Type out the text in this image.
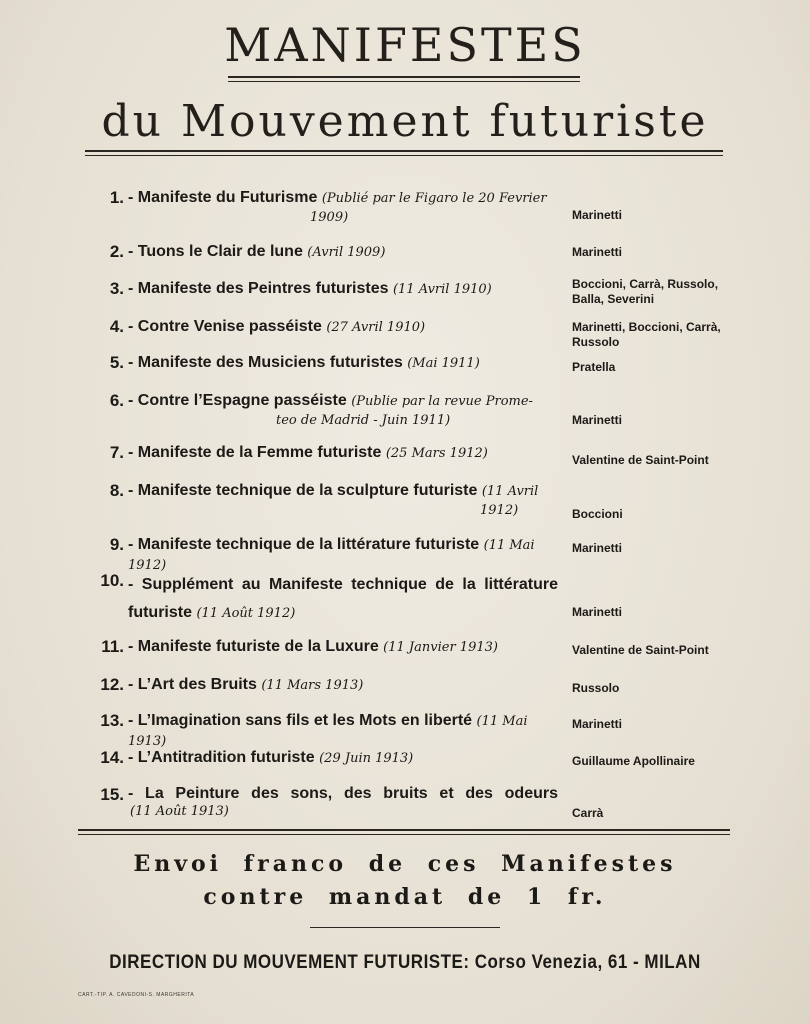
MANIFESTES
du Mouvement futuriste
1. - Manifeste du Futurisme (Publié par le Figaro le 20 Fevrier
1909)	Marinetti
2. - Tuons le Clair de lune (Avril 1909)	Marinetti
3. - Manifeste des Peintres futuristes (11 Avril 1910)	Boccioni, Carrà, Russolo,
Balla, Severini
4. - Contre Venise passéiste (27 Avril 1910)	Marinetti, Boccioni, Carrà,
Russolo
5. - Manifeste des Musiciens futuristes (Mai 1911)	Pratella
6. - Contre l’Espagne passéiste (Publie par la revue Prome-
teo de Madrid - Juin 1911)	Marinetti
7. - Manifeste de la Femme futuriste (25 Mars 1912)	Valentine de Saint-Point
8. - Manifeste technique de la sculpture futuriste (11 Avril
1912)	Boccioni
9. - Manifeste technique de la littérature futuriste (11 Mai 1912)
Marinetti
10. - Supplément au Manifeste technique de la littérature
futuriste (11 Août 1912)	Marinetti
11. - Manifeste futuriste de la Luxure (11 Janvier 1913)	Valentine de Saint-Point
12. - L’Art des Bruits (11 Mars 1913)	Russolo
13. - L’Imagination sans fils et les Mots en liberté (11 Mai 1913)
Marinetti
14. - L’Antitradition futuriste (29 Juin 1913)	Guillaume Apollinaire
15. - La Peinture des sons, des bruits et des odeurs
(11 Août 1913)	Carrà
Envoi franco de ces Manifestes
contre mandat de 1 fr.
DIRECTION DU MOUVEMENT FUTURISTE: Corso Venezia, 61 - MILAN
CART.-TIP. A. CAVEDONI-S. MARGHERITA
